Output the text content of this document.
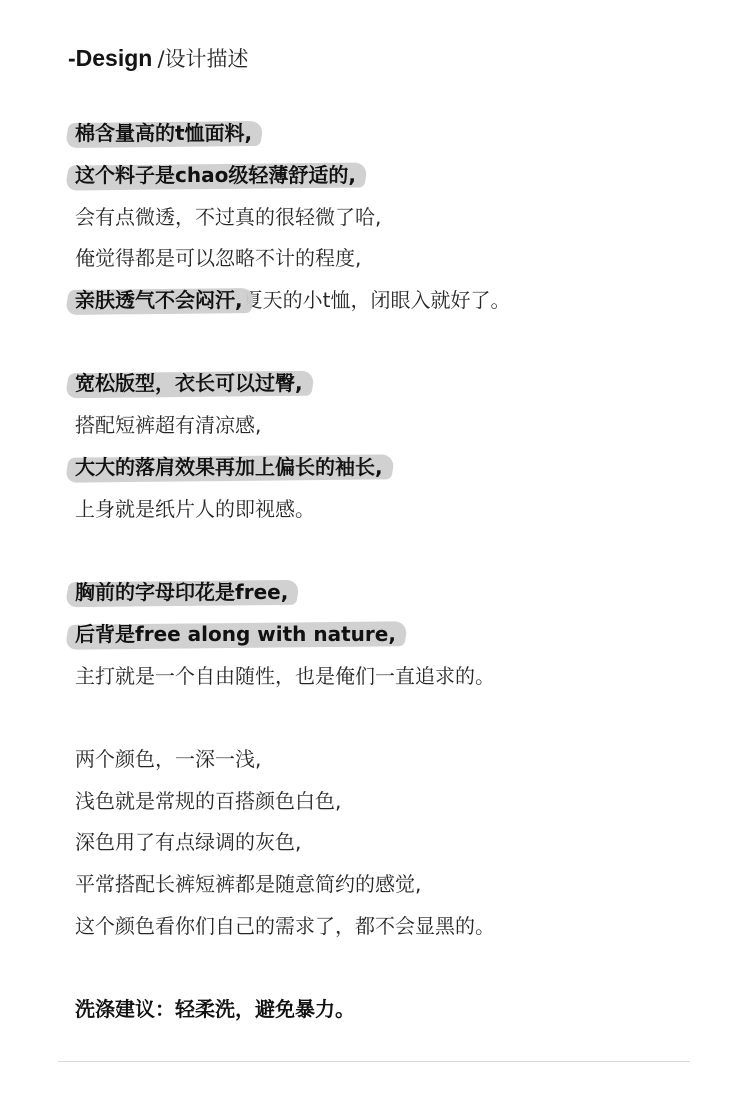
-Design /设计描述
棉含量高的t恤面料,
这个料子是chao级轻薄舒适的,
会有点微透，不过真的很轻微了哈,
俺觉得都是可以忽略不计的程度,
亲肤透气不会闷汗,夏天的小t恤，闭眼入就好了。
宽松版型，衣长可以过臀,
搭配短裤超有清凉感,
大大的落肩效果再加上偏长的袖长,
上身就是纸片人的即视感。
胸前的字母印花是free,
后背是free along with nature,
主打就是一个自由随性，也是俺们一直追求的。
两个颜色，一深一浅,
浅色就是常规的百搭颜色白色,
深色用了有点绿调的灰色,
平常搭配长裤短裤都是随意简约的感觉,
这个颜色看你们自己的需求了，都不会显黑的。
洗涤建议：轻柔洗，避免暴力。
